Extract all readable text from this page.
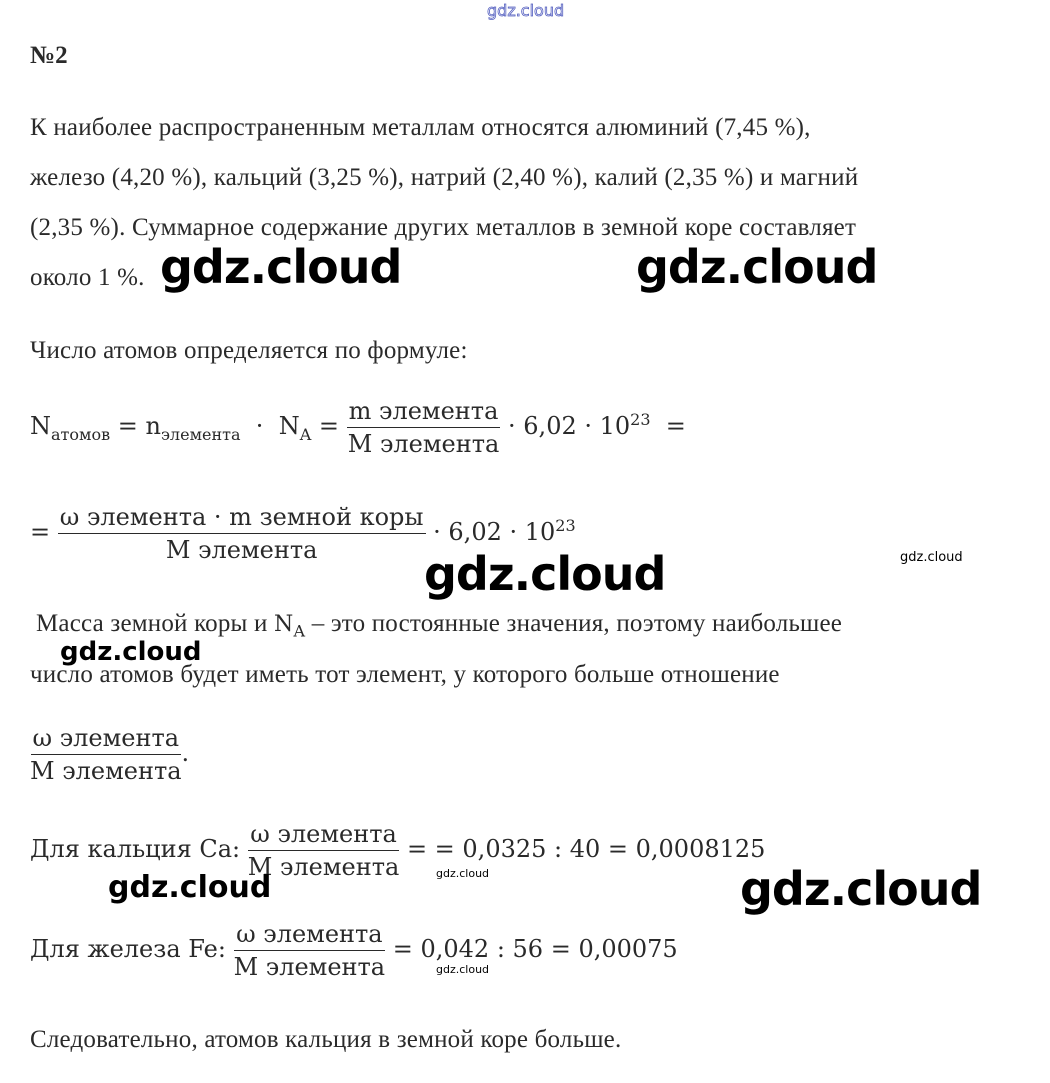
gdz.cloud
№2
К наиболее распространенным металлам относятся алюминий (7,45 %),
железо (4,20 %), кальций (3,25 %), натрий (2,40 %), калий (2,35 %) и магний
(2,35 %). Суммарное содержание других металлов в земной коре составляет
около 1 %. gdz.cloud	gdz.cloud
Число атомов определяется по формуле:
$N_{атомов} = n_{элемента} \cdot N_A = \frac{\text{m элемента}}{\text{M элемента}} \cdot 6,02 \cdot 10^{23}$ =
= $\frac{\text{ω элемента · m земной коры}}{\text{M элемента}} \cdot 6,02 \cdot 10^{23}$
gdz.cloud
gdz.cloud
Масса земной коры и $N_A$ – это постоянные значения, поэтому наибольшее
gdz.cloud
число атомов будет иметь тот элемент, у которого больше отношение
$\frac{\text{ω элемента}}{\text{M элемента}}$ .
Для кальция Ca: $\frac{\text{ω элемента}}{\text{M элемента}}$ = = 0,0325 : 40 = 0,0008125
gdz.cloud	gdz.cloud	gdz.cloud
Для железа Fe: $\frac{\text{ω элемента}}{\text{M элемента}} = 0,042$ : 56 = 0,00075
gdz.cloud
Следовательно, атомов кальция в земной коре больше.
